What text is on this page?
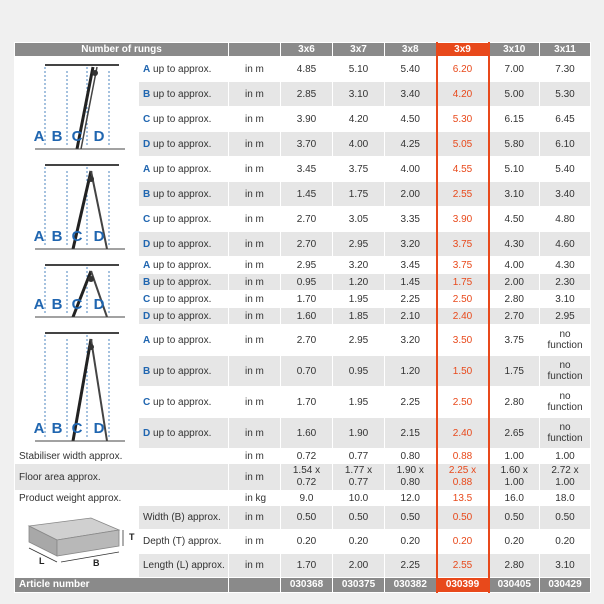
Number of rungs			3x6	3x7	3x8	3x9	3x10	3x11

A B C D	A up to approx.	in m	4.85	5.10	5.40	6.20	7.00	7.30
	B up to approx.	in m	2.85	3.10	3.40	4.20	5.00	5.30
	C up to approx.	in m	3.90	4.20	4.50	5.30	6.15	6.45
	D up to approx.	in m	3.70	4.00	4.25	5.05	5.80	6.10

A B C D	A up to approx.	in m	3.45	3.75	4.00	4.55	5.10	5.40
	B up to approx.	in m	1.45	1.75	2.00	2.55	3.10	3.40
	C up to approx.	in m	2.70	3.05	3.35	3.90	4.50	4.80
	D up to approx.	in m	2.70	2.95	3.20	3.75	4.30	4.60

A B C D	A up to approx.	in m	2.95	3.20	3.45	3.75	4.00	4.30
	B up to approx.	in m	0.95	1.20	1.45	1.75	2.00	2.30
	C up to approx.	in m	1.70	1.95	2.25	2.50	2.80	3.10
	D up to approx.	in m	1.60	1.85	2.10	2.40	2.70	2.95

A B C D	A up to approx.	in m	2.70	2.95	3.20	3.50	3.75	no function
	B up to approx.	in m	0.70	0.95	1.20	1.50	1.75	no function
	C up to approx.	in m	1.70	1.95	2.25	2.50	2.80	no function
	D up to approx.	in m	1.60	1.90	2.15	2.40	2.65	no function
Stabiliser width approx.		in m	0.72	0.77	0.80	0.88	1.00	1.00
Floor area approx.		in m	1.54 x 0.72	1.77 x 0.77	1.90 x 0.80	2.25 x 0.88	1.60 x 1.00	2.72 x 1.00
Product weight approx.		in kg	9.0	10.0	12.0	13.5	16.0	18.0

T
L B	Width (B) approx.	in m	0.50	0.50	0.50	0.50	0.50	0.50
	Depth (T) approx.	in m	0.20	0.20	0.20	0.20	0.20	0.20
	Length (L) approx.	in m	1.70	2.00	2.25	2.55	2.80	3.10
Article number			030368	030375	030382	030399	030405	030429
